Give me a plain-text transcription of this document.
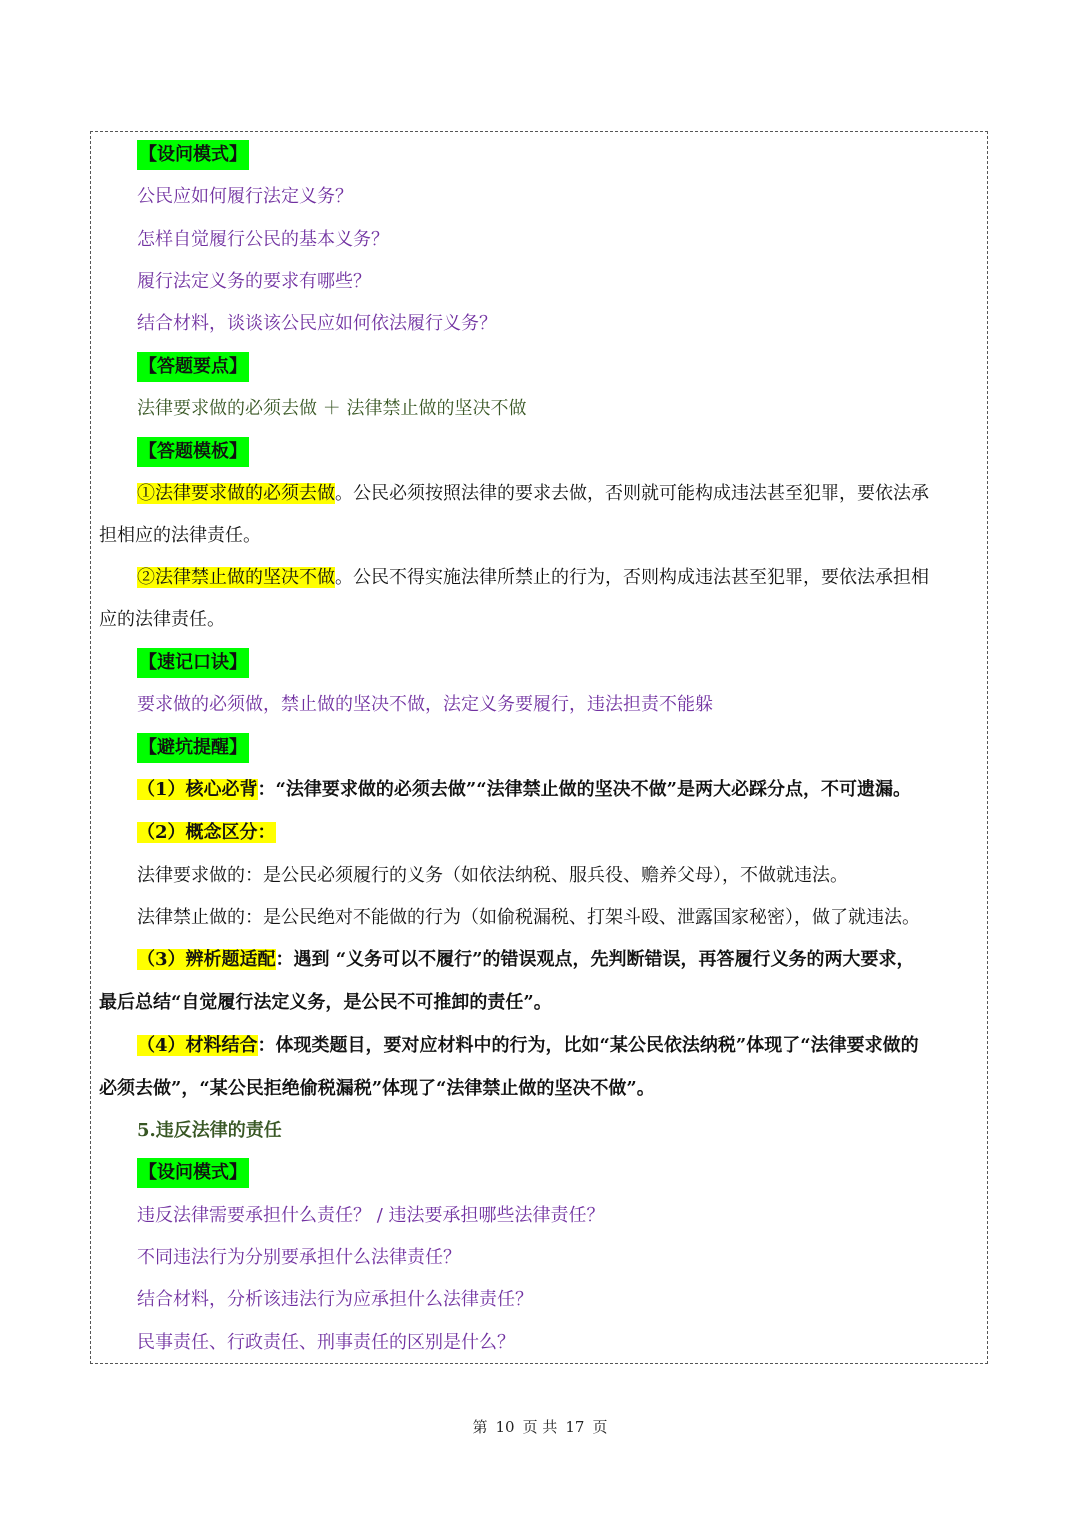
【设问模式】
公民应如何履行法定义务？
怎样自觉履行公民的基本义务？
履行法定义务的要求有哪些？
结合材料，谈谈该公民应如何依法履行义务？
【答题要点】
法律要求做的必须去做 ＋ 法律禁止做的坚决不做
【答题模板】
①法律要求做的必须去做。公民必须按照法律的要求去做，否则就可能构成违法甚至犯罪，要依法承
担相应的法律责任。
②法律禁止做的坚决不做。公民不得实施法律所禁止的行为，否则构成违法甚至犯罪，要依法承担相
应的法律责任。
【速记口诀】
要求做的必须做，禁止做的坚决不做，法定义务要履行，违法担责不能躲
【避坑提醒】
（1）核心必背：“法律要求做的必须去做”“法律禁止做的坚决不做”是两大必踩分点，不可遗漏。
（2）概念区分：
法律要求做的：是公民必须履行的义务（如依法纳税、服兵役、赡养父母），不做就违法。
法律禁止做的：是公民绝对不能做的行为（如偷税漏税、打架斗殴、泄露国家秘密），做了就违法。
（3）辨析题适配：遇到 “义务可以不履行”的错误观点，先判断错误，再答履行义务的两大要求，
最后总结“自觉履行法定义务，是公民不可推卸的责任”。
（4）材料结合：体现类题目，要对应材料中的行为，比如“某公民依法纳税”体现了“法律要求做的
必须去做”，“某公民拒绝偷税漏税”体现了“法律禁止做的坚决不做”。
5.违反法律的责任
【设问模式】
违反法律需要承担什么责任？ / 违法要承担哪些法律责任？
不同违法行为分别要承担什么法律责任？
结合材料，分析该违法行为应承担什么法律责任？
民事责任、行政责任、刑事责任的区别是什么？
第 10 页 共 17 页
